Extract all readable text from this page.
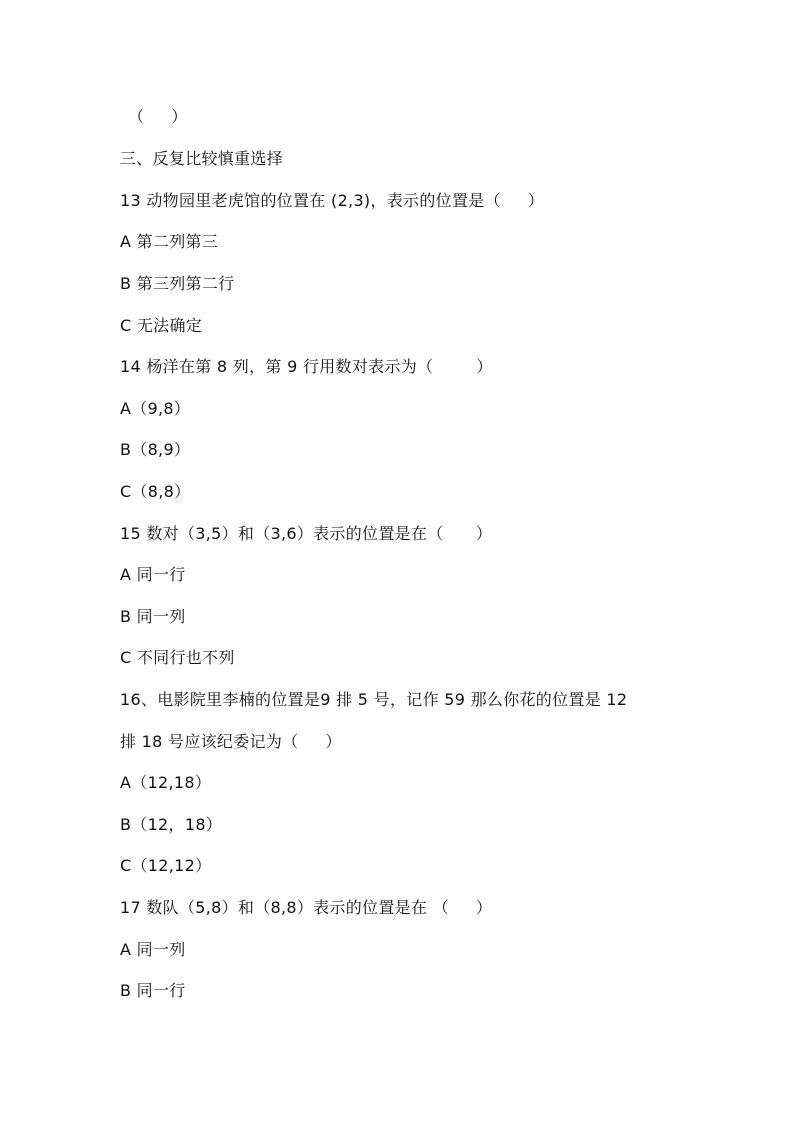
（     ）
三、反复比较慎重选择
13 动物园里老虎馆的位置在 (2,3)，表示的位置是（     ）
A 第二列第三
B 第三列第二行
C 无法确定
14 杨洋在第 8 列，第 9 行用数对表示为（        ）
A（9,8）
B（8,9）
C（8,8）
15 数对（3,5）和（3,6）表示的位置是在（      ）
A 同一行
B 同一列
C 不同行也不列
16、电影院里李楠的位置是9 排 5 号，记作 59 那么你花的位置是 12
排 18 号应该纪委记为（     ）
A（12,18）
B（12，18）
C（12,12）
17 数队（5,8）和（8,8）表示的位置是在 （     ）
A 同一列
B 同一行
